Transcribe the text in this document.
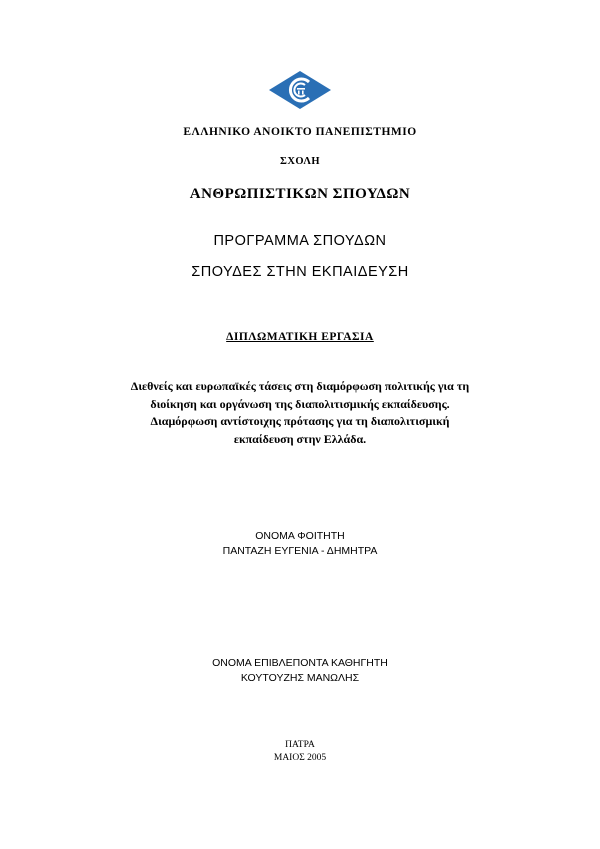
ΕΛΛΗΝΙΚΟ ΑΝΟΙΚΤΟ ΠΑΝΕΠΙΣΤΗΜΙΟ
ΣΧΟΛΗ
ΑΝΘΡΩΠΙΣΤΙΚΩΝ ΣΠΟΥΔΩΝ
ΠΡΟΓΡΑΜΜΑ ΣΠΟΥΔΩΝ
ΣΠΟΥΔΕΣ ΣΤΗΝ ΕΚΠΑΙΔΕΥΣΗ
ΔΙΠΛΩΜΑΤΙΚΗ ΕΡΓΑΣΙΑ
Διεθνείς και ευρωπαϊκές τάσεις στη διαμόρφωση πολιτικής για τη
διοίκηση και οργάνωση της διαπολιτισμικής εκπαίδευσης.
Διαμόρφωση αντίστοιχης πρότασης για τη διαπολιτισμική
εκπαίδευση στην Ελλάδα.
ΟΝΟΜΑ ΦΟΙΤΗΤΗ
ΠΑΝΤΑΖΗ ΕΥΓΕΝΙΑ - ΔΗΜΗΤΡΑ
ΟΝΟΜΑ ΕΠΙΒΛΕΠΟΝΤΑ ΚΑΘΗΓΗΤΗ
ΚΟΥΤΟΥΖΗΣ ΜΑΝΩΛΗΣ
ΠΑΤΡΑ
ΜΑΙΟΣ 2005
